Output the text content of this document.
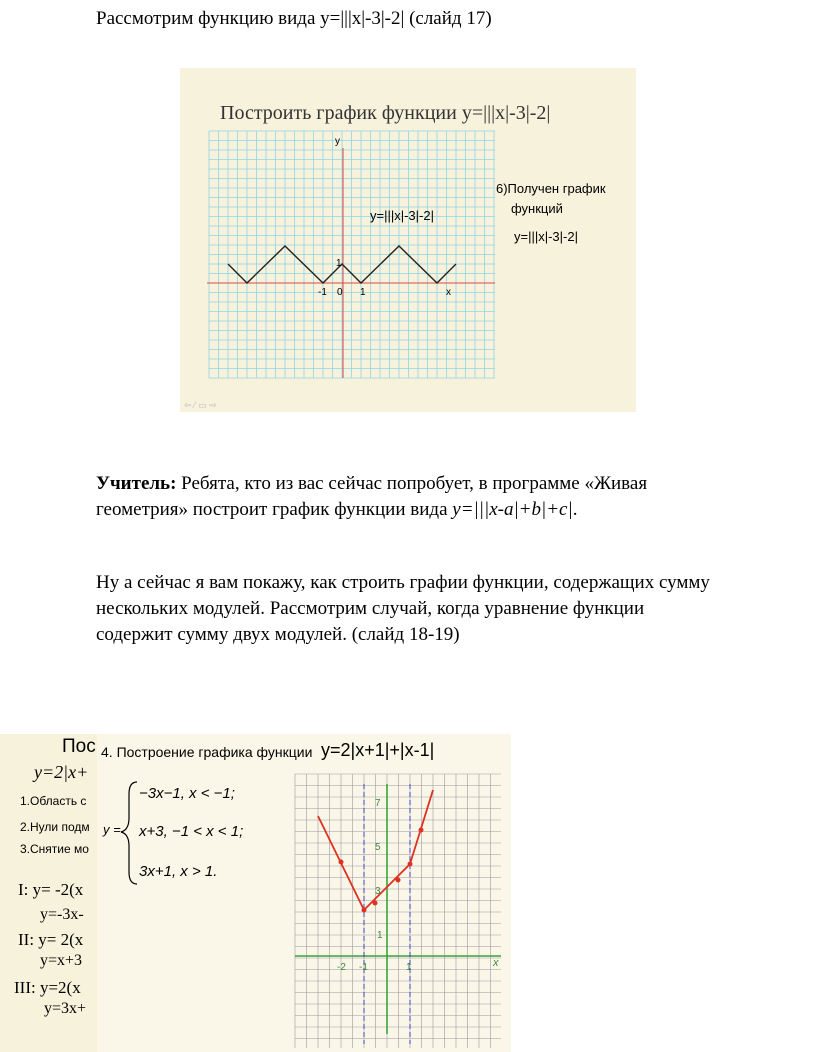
Рассмотрим функцию вида у=|||х|-3|-2| (слайд 17)
Построить график функции y=|||x|-3|-2|
y
x
1
-1 0 1
y=|||x|-3|-2|
6)Получен график
функций
y=|||x|-3|-2|
⇦ ⁄ ▭ ⇨
Учитель: Ребята, кто из вас сейчас попробует, в программе «Живая
геометрия» построит график функции вида y=|||x-a|+b|+c|.
Ну а сейчас я вам покажу, как строить графии функции, содержащих сумму
нескольких модулей. Рассмотрим случай, когда уравнение функции
содержит сумму двух модулей. (слайд 18-19)
Пос
y=2|x+
1.Область с
2.Нули подм
3.Снятие мо
I: y= -2(x
y=-3x-
II: y= 2(x
y=x+3
III: y=2(x
y=3x+
4. Построение графика функции y=2|x+1|+|x-1|
y =
−3x−1, x < −1;
x+3, −1 < x < 1;
3x+1, x > 1.
7
5
3
1
-2 -1	1	x
